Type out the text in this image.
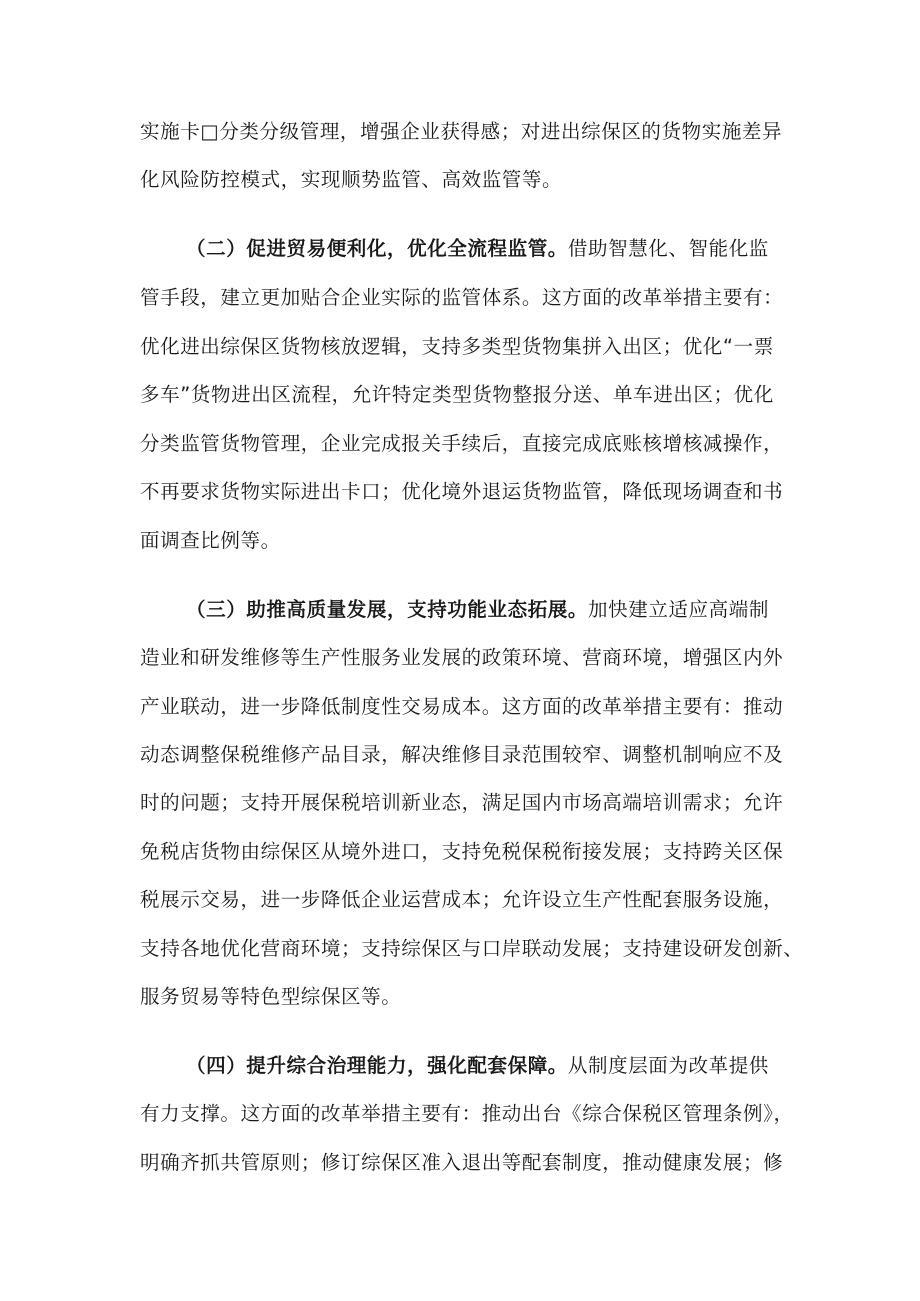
实施卡□分类分级管理，增强企业获得感；对进出综保区的货物实施差异
化风险防控模式，实现顺势监管、高效监管等。
（二）促进贸易便利化，优化全流程监管。借助智慧化、智能化监
管手段，建立更加贴合企业实际的监管体系。这方面的改革举措主要有：
优化进出综保区货物核放逻辑，支持多类型货物集拼入出区；优化“一票
多车”货物进出区流程，允许特定类型货物整报分送、单车进出区；优化
分类监管货物管理，企业完成报关手续后，直接完成底账核增核减操作，
不再要求货物实际进出卡口；优化境外退运货物监管，降低现场调查和书
面调查比例等。
（三）助推高质量发展，支持功能业态拓展。加快建立适应高端制
造业和研发维修等生产性服务业发展的政策环境、营商环境，增强区内外
产业联动，进一步降低制度性交易成本。这方面的改革举措主要有：推动
动态调整保税维修产品目录，解决维修目录范围较窄、调整机制响应不及
时的问题；支持开展保税培训新业态，满足国内市场高端培训需求；允许
免税店货物由综保区从境外进口，支持免税保税衔接发展；支持跨关区保
税展示交易，进一步降低企业运营成本；允许设立生产性配套服务设施，
支持各地优化营商环境；支持综保区与口岸联动发展；支持建设研发创新、
服务贸易等特色型综保区等。
（四）提升综合治理能力，强化配套保障。从制度层面为改革提供
有力支撑。这方面的改革举措主要有：推动出台《综合保税区管理条例》，
明确齐抓共管原则；修订综保区准入退出等配套制度，推动健康发展；修
